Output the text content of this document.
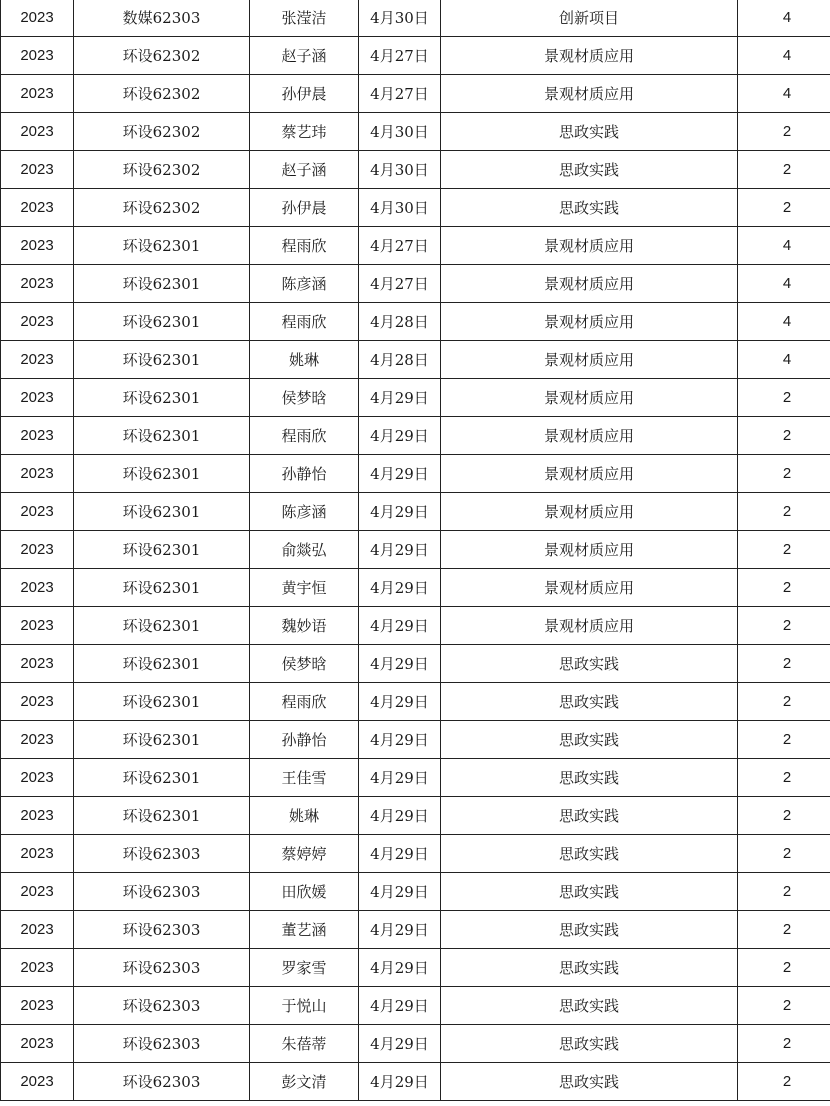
2023	数媒62303	张滢洁	4月30日	创新项目	4
2023	环设62302	赵子涵	4月27日	景观材质应用	4
2023	环设62302	孙伊晨	4月27日	景观材质应用	4
2023	环设62302	蔡艺玮	4月30日	思政实践	2
2023	环设62302	赵子涵	4月30日	思政实践	2
2023	环设62302	孙伊晨	4月30日	思政实践	2
2023	环设62301	程雨欣	4月27日	景观材质应用	4
2023	环设62301	陈彦涵	4月27日	景观材质应用	4
2023	环设62301	程雨欣	4月28日	景观材质应用	4
2023	环设62301	姚琳	4月28日	景观材质应用	4
2023	环设62301	侯梦晗	4月29日	景观材质应用	2
2023	环设62301	程雨欣	4月29日	景观材质应用	2
2023	环设62301	孙静怡	4月29日	景观材质应用	2
2023	环设62301	陈彦涵	4月29日	景观材质应用	2
2023	环设62301	俞燚弘	4月29日	景观材质应用	2
2023	环设62301	黄宇恒	4月29日	景观材质应用	2
2023	环设62301	魏妙语	4月29日	景观材质应用	2
2023	环设62301	侯梦晗	4月29日	思政实践	2
2023	环设62301	程雨欣	4月29日	思政实践	2
2023	环设62301	孙静怡	4月29日	思政实践	2
2023	环设62301	王佳雪	4月29日	思政实践	2
2023	环设62301	姚琳	4月29日	思政实践	2
2023	环设62303	蔡婷婷	4月29日	思政实践	2
2023	环设62303	田欣媛	4月29日	思政实践	2
2023	环设62303	董艺涵	4月29日	思政实践	2
2023	环设62303	罗家雪	4月29日	思政实践	2
2023	环设62303	于悦山	4月29日	思政实践	2
2023	环设62303	朱蓓蒂	4月29日	思政实践	2
2023	环设62303	彭文清	4月29日	思政实践	2
